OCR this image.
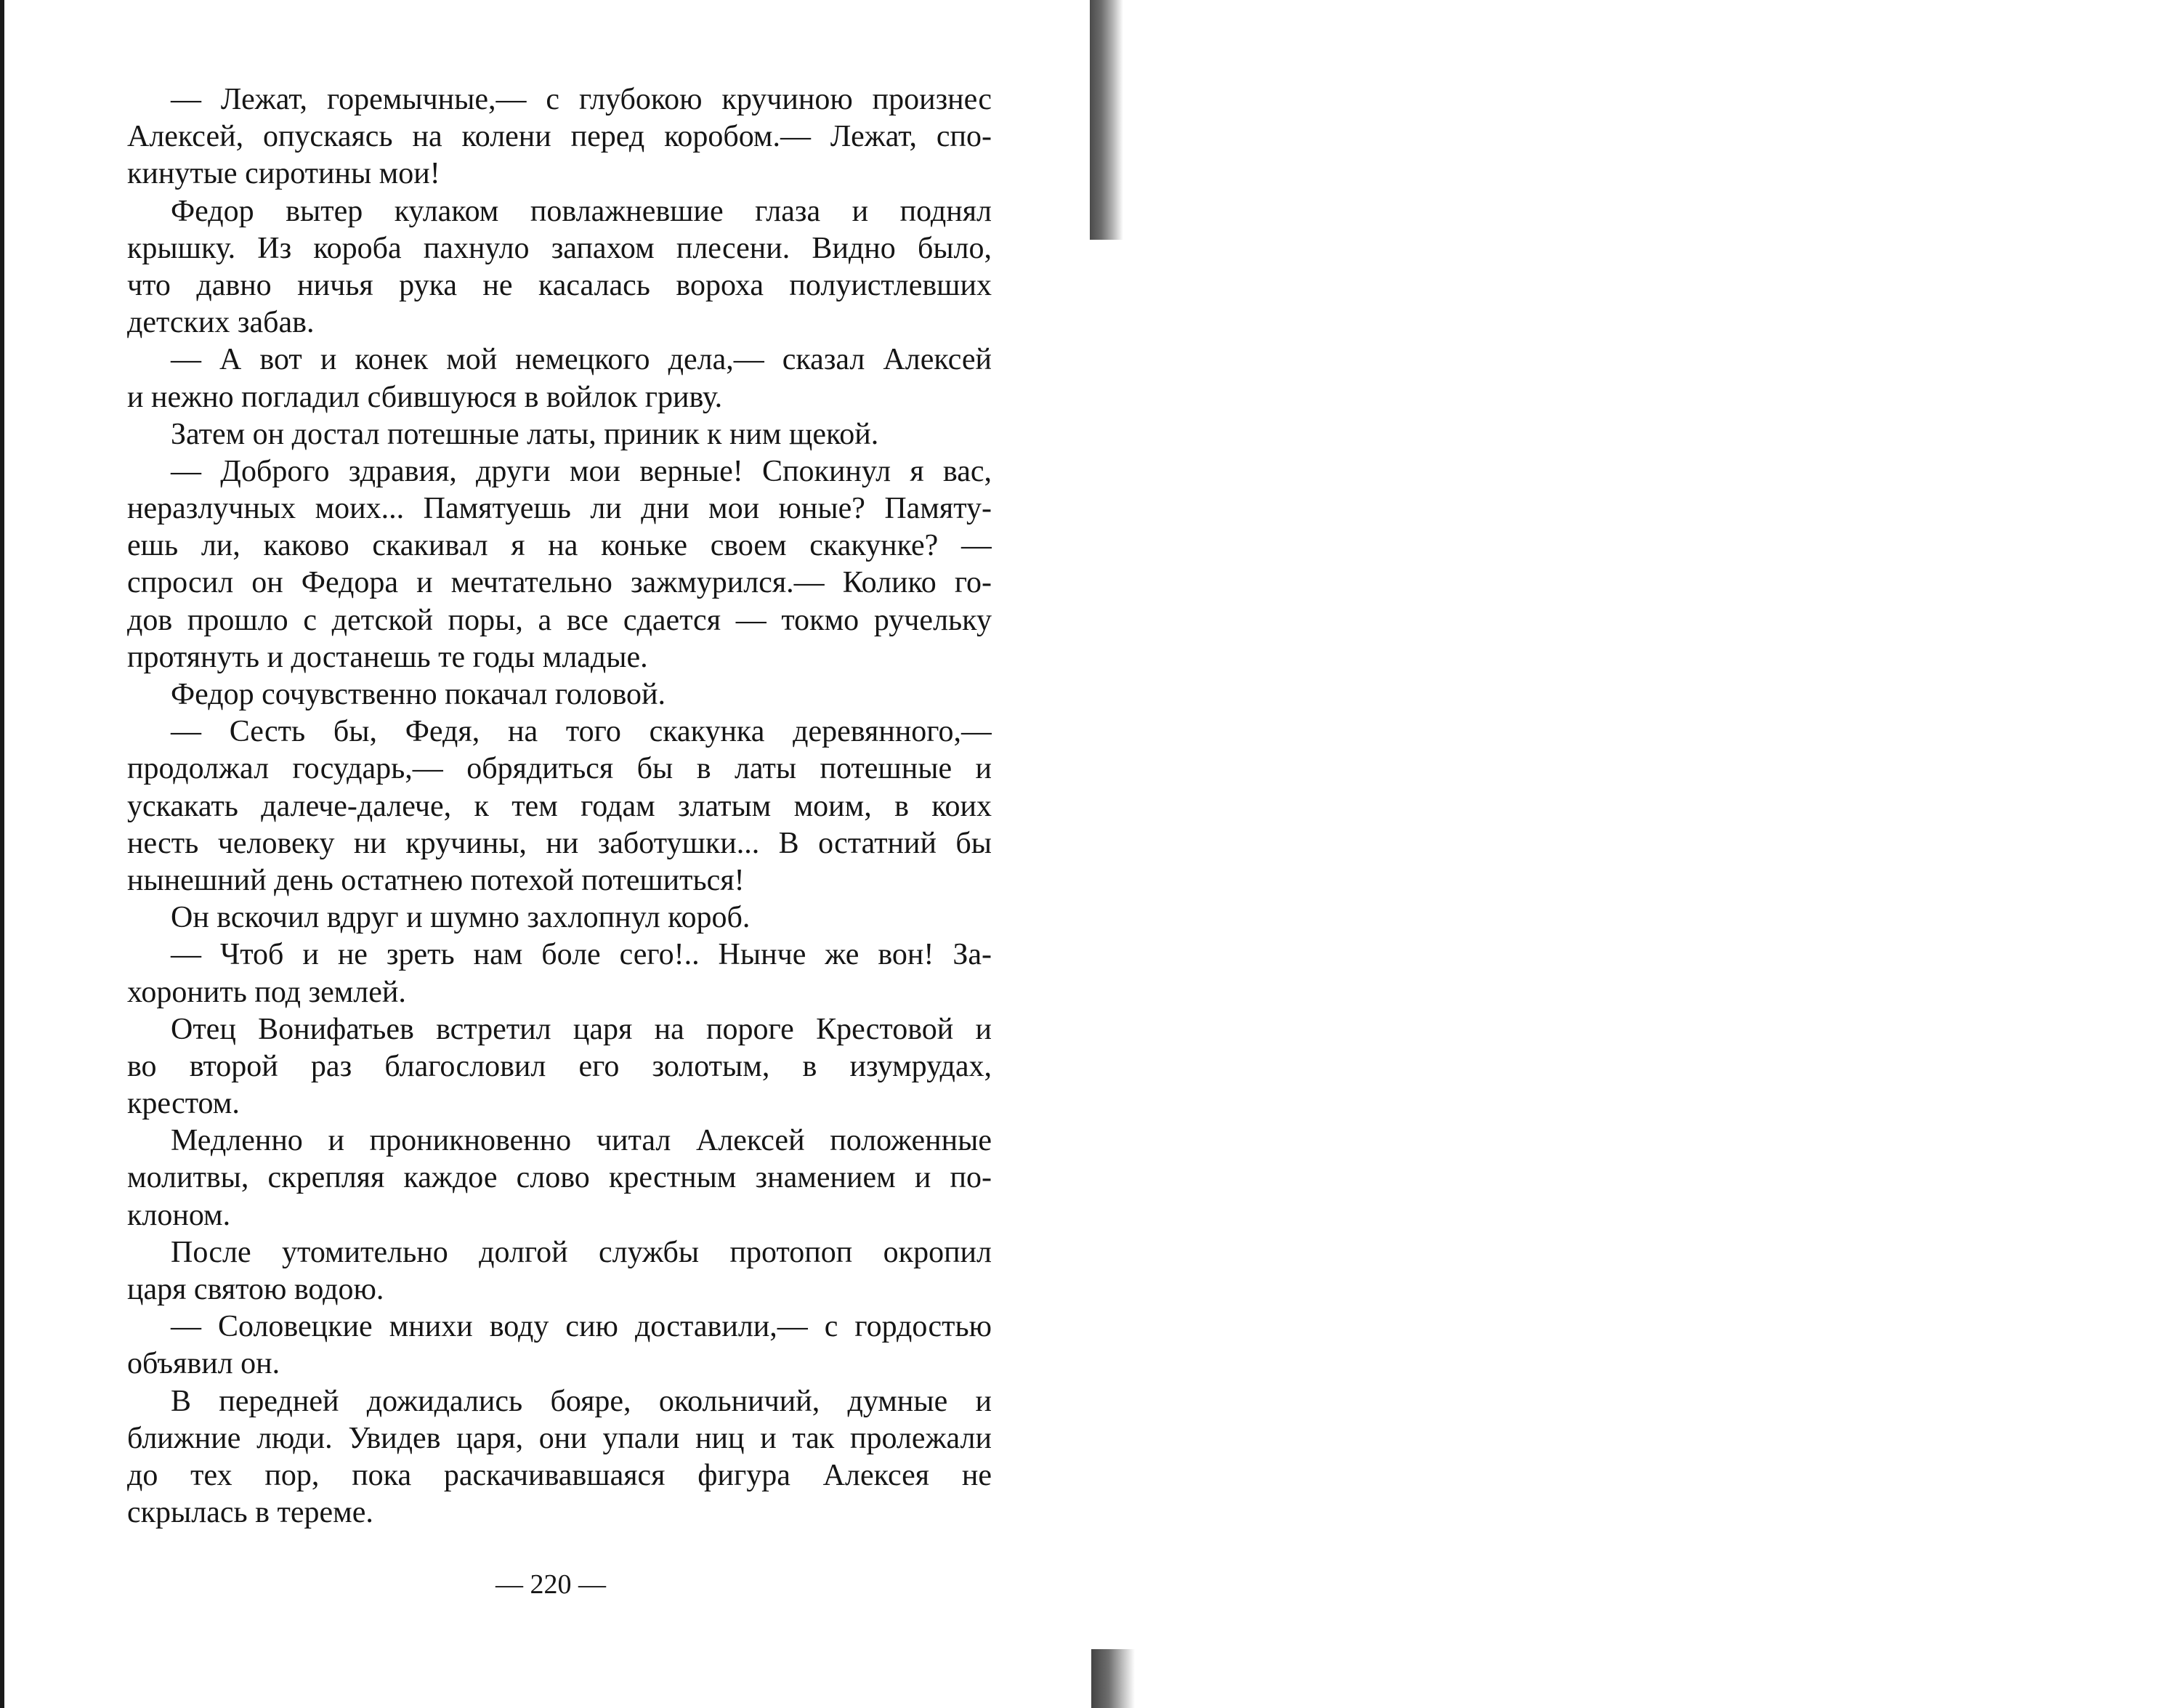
— Лежат, горемычные,— с глубокою кручиною произнес
Алексей, опускаясь на колени перед коробом.— Лежат, спо-
кинутые сиротины мои!
Федор вытер кулаком повлажневшие глаза и поднял
крышку. Из короба пахнуло запахом плесени. Видно было,
что давно ничья рука не касалась вороха полуистлевших
детских забав.
— А вот и конек мой немецкого дела,— сказал Алексей
и нежно погладил сбившуюся в войлок гриву.
Затем он достал потешные латы, приник к ним щекой.
— Доброго здравия, други мои верные! Спокинул я вас,
неразлучных моих... Памятуешь ли дни мои юные? Памяту-
ешь ли, каково скакивал я на коньке своем скакунке? —
спросил он Федора и мечтательно зажмурился.— Колико го-
дов прошло с детской поры, а все сдается — токмо ручельку
протянуть и достанешь те годы младые.
Федор сочувственно покачал головой.
— Сесть бы, Федя, на того скакунка деревянного,—
продолжал государь,— обрядиться бы в латы потешные и
ускакать далече-далече, к тем годам златым моим, в коих
несть человеку ни кручины, ни заботушки... В остатний бы
нынешний день остатнею потехой потешиться!
Он вскочил вдруг и шумно захлопнул короб.
— Чтоб и не зреть нам боле сего!.. Нынче же вон! За-
хоронить под землей.
Отец Вонифатьев встретил царя на пороге Крестовой и
во второй раз благословил его золотым, в изумрудах,
крестом.
Медленно и проникновенно читал Алексей положенные
молитвы, скрепляя каждое слово крестным знамением и по-
клоном.
После утомительно долгой службы протопоп окропил
царя святою водою.
— Соловецкие мнихи воду сию доставили,— с гордостью
объявил он.
В передней дожидались бояре, окольничий, думные и
ближние люди. Увидев царя, они упали ниц и так пролежали
до тех пор, пока раскачивавшаяся фигура Алексея не
скрылась в тереме.
— 220 —
